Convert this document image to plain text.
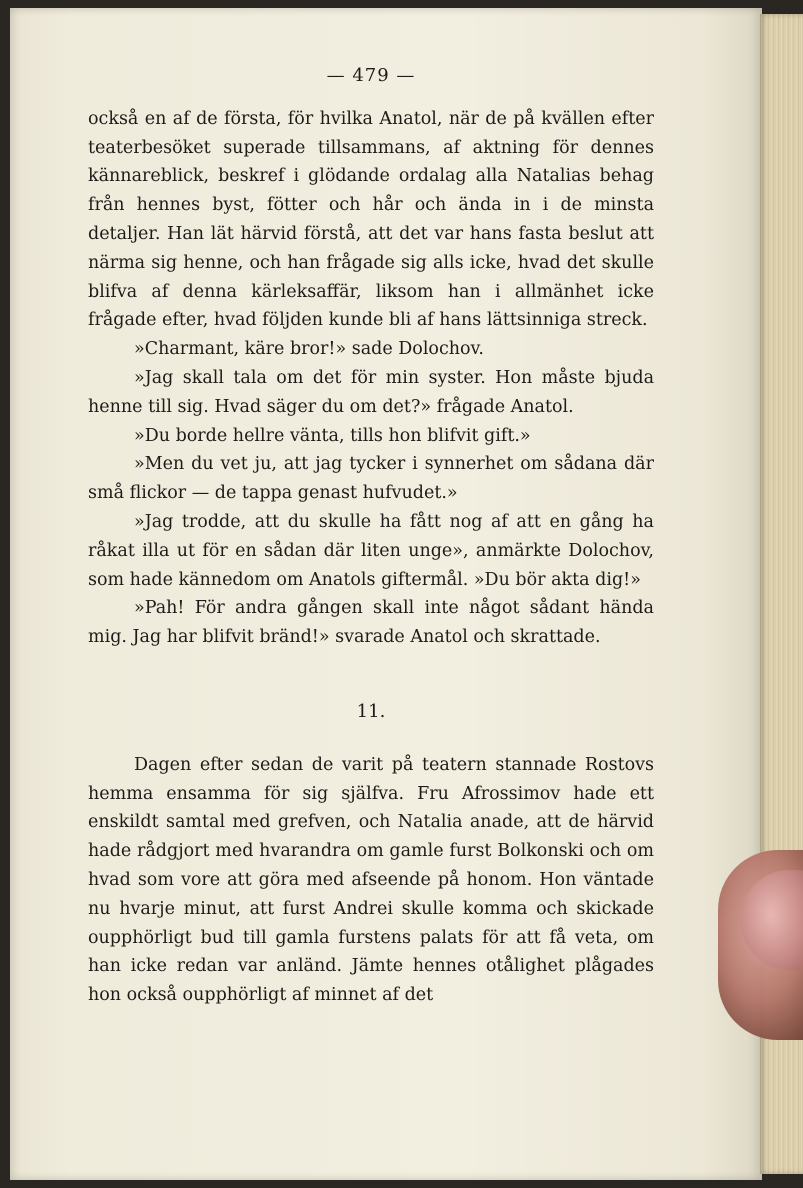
— 479 —

också en af de första, för hvilka Anatol, när de på kvällen efter teaterbesöket superade tillsammans, af aktning för dennes kännareblick, beskref i glödande ordalag alla Natalias behag från hennes byst, fötter och hår och ända in i de minsta detaljer. Han lät härvid förstå, att det var hans fasta beslut att närma sig henne, och han frågade sig alls icke, hvad det skulle blifva af denna kärleksaffär, liksom han i allmänhet icke frågade efter, hvad följden kunde bli af hans lättsinniga streck.

»Charmant, käre bror!» sade Dolochov.

»Jag skall tala om det för min syster. Hon måste bjuda henne till sig. Hvad säger du om det?» frågade Anatol.

»Du borde hellre vänta, tills hon blifvit gift.»

»Men du vet ju, att jag tycker i synnerhet om sådana där små flickor — de tappa genast hufvudet.»

»Jag trodde, att du skulle ha fått nog af att en gång ha råkat illa ut för en sådan där liten unge», anmärkte Dolochov, som hade kännedom om Anatols giftermål. »Du bör akta dig!»

»Pah! För andra gången skall inte något sådant hända mig. Jag har blifvit bränd!» svarade Anatol och skrattade.

11.

Dagen efter sedan de varit på teatern stannade Rostovs hemma ensamma för sig själfva. Fru Afrossimov hade ett enskildt samtal med grefven, och Natalia anade, att de härvid hade rådgjort med hvarandra om gamle furst Bolkonski och om hvad som vore att göra med afseende på honom. Hon väntade nu hvarje minut, att furst Andrei skulle komma och skickade oupphörligt bud till gamla furstens palats för att få veta, om han icke redan var anländ. Jämte hennes otålighet plågades hon också oupphörligt af minnet af det
